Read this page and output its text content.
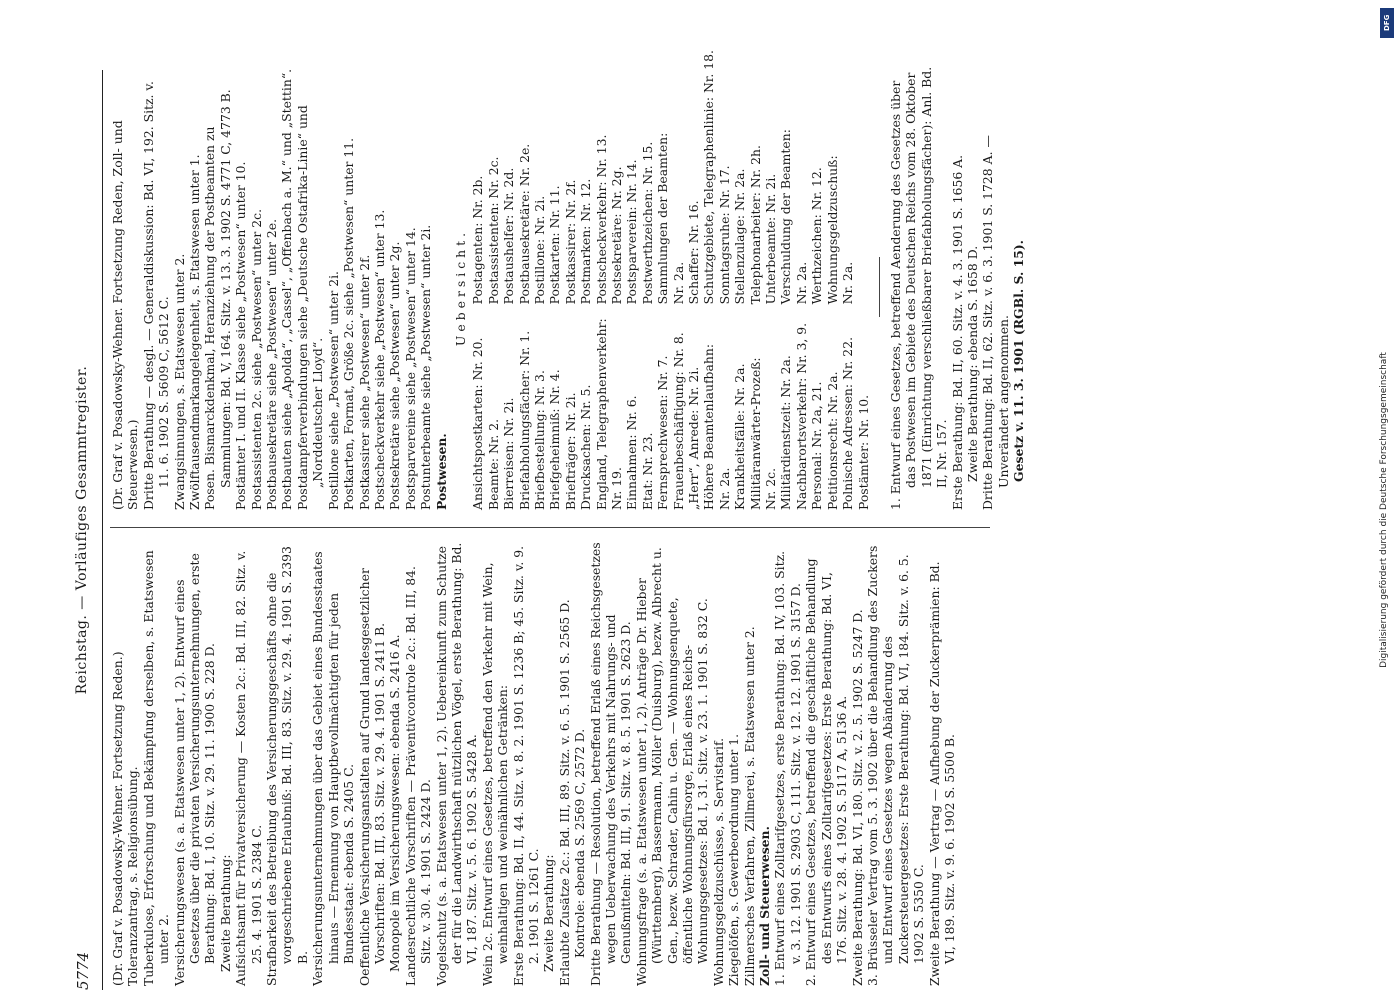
5774
Reichstag. — Vorläufiges Gesammtregister.

(Dr. Graf v. Posadowsky-Wehner. Fortsetzung Reden.) Toleranzantrag, s. Religionsübung. Tuberkulose, Erforschung und Bekämpfung derselben, s. Etatswesen unter 2. Versicherungswesen (s. a. Etatswesen unter 1, 2). Entwurf eines Gesetzes über die privaten Versicherungsunternehmungen, erste Berathung: Bd. I, 10. Sitz. v. 29. 11. 1900 S. 228 D. Zweite Berathung: Aufsichtsamt für Privatversicherung — Kosten 2c.: Bd. III, 82. Sitz. v. 25. 4. 1901 S. 2384 C. Strafbarkeit des Betreibung des Versicherungsgeschäfts ohne die vorgeschriebene Erlaubniß: Bd. III, 83. Sitz. v. 29. 4. 1901 S. 2393 B. Versicherungsunternehmungen über das Gebiet eines Bundesstaates hinaus — Ernennung von Hauptbevollmächtigten für jeden Bundesstaat: ebenda S. 2405 C. Oeffentliche Versicherungsanstalten auf Grund landesgesetzlicher Vorschriften: Bd. III, 83. Sitz. v. 29. 4. 1901 S. 2411 B. Monopole im Versicherungswesen: ebenda S. 2416 A. Landesrechtliche Vorschriften — Präventivcontrole 2c.: Bd. III, 84. Sitz. v. 30. 4. 1901 S. 2424 D. Vogelschutz (s. a. Etatswesen unter 1, 2). Uebereinkunft zum Schutze der für die Landwirthschaft nützlichen Vögel, erste Berathung: Bd. VI, 187. Sitz. v. 5. 6. 1902 S. 5428 A. Wein 2c. Entwurf eines Gesetzes, betreffend den Verkehr mit Wein, weinhaltigen und weinähnlichen Getränken: Erste Berathung: Bd. II, 44. Sitz. v. 8. 2. 1901 S. 1236 B; 45. Sitz. v. 9. 2. 1901 S. 1261 C. Zweite Berathung: Erlaubte Zusätze 2c.: Bd. III, 89. Sitz. v. 6. 5. 1901 S. 2565 D. Kontrole: ebenda S. 2569 C, 2572 D. Dritte Berathung — Resolution, betreffend Erlaß eines Reichsgesetzes wegen Ueberwachung des Verkehrs mit Nahrungs- und Genußmitteln: Bd. III, 91. Sitz. v. 8. 5. 1901 S. 2623 D. Wohnungsfrage (s. a. Etatswesen unter 1, 2). Anträge Dr. Hieber (Württemberg), Bassermann, Möller (Duisburg), bezw. Albrecht u. Gen., bezw. Schrader, Cahin u. Gen. — Wohnungsenquete, öffentliche Wohnungsfürsorge, Erlaß eines Reichs-Wohnungsgesetzes: Bd. I, 31. Sitz. v. 23. 1. 1901 S. 832 C. Wohnungsgeldzuschüsse, s. Servistarif. Ziegelöfen, s. Gewerbeordnung unter 1. Zillmersches Verfahren, Zillmerei, s. Etatswesen unter 2. Zoll- und Steuerwesen. 1. Entwurf eines Zolltarifgesetzes, erste Berathung: Bd. IV, 103. Sitz. v. 3. 12. 1901 S. 2903 C, 111. Sitz. v. 12. 12. 1901 S. 3157 D. 2. Entwurf eines Gesetzes, betreffend die geschäftliche Behandlung des Entwurfs eines Zolltarifgesetzes: Erste Berathung: Bd. VI, 176. Sitz. v. 28. 4. 1902 S. 5117 A, 5136 A. Zweite Berathung: Bd. VI, 180. Sitz. v. 2. 5. 1902 S. 5247 D. 3. Brüsseler Vertrag vom 5. 3. 1902 über die Behandlung des Zuckers und Entwurf eines Gesetzes wegen Abänderung des Zuckersteuergesetzes: Erste Berathung: Bd. VI, 184. Sitz. v. 6. 5. 1902 S. 5350 C. Zweite Berathung — Vertrag — Aufhebung der Zuckerprämien: Bd. VI, 189. Sitz. v. 9. 6. 1902 S. 5500 B.

(Dr. Graf v. Posadowsky-Wehner. Fortsetzung Reden, Zoll- und Steuerwesen.) Dritte Berathung — desgl. — Generaldiskussion: Bd. VI, 192. Sitz. v. 11. 6. 1902 S. 5609 C, 5612 C. Zwangsinnungen, s. Etatswesen unter 2. Zwölftausendmarkangelegenheit, s. Etatswesen unter 1. Posen. Bismarckdenkmal, Heranziehung der Postbeamten zu Sammlungen: Bd. V, 164. Sitz. v. 13. 3. 1902 S. 4771 C, 4773 B. Postämter I. und II. Klasse siehe „Postwesen“ unter 10. Postassistenten 2c. siehe „Postwesen“ unter 2c. Postbausekretäre siehe „Postwesen“ unter 2e. Postbauten siehe „Apolda“, „Cassel“, „Offenbach a. M.“ und „Stettin“. Postdampferverbindungen siehe „Deutsche Ostafrika-Linie“ und „Norddeutscher Lloyd“. Postillone siehe „Postwesen“ unter 2i. Postkarten, Format, Größe 2c. siehe „Postwesen“ unter 11. Postkassirer siehe „Postwesen“ unter 2f. Postscheckverkehr siehe „Postwesen“ unter 13. Postsekretäre siehe „Postwesen“ unter 2g. Postsparvereine siehe „Postwesen“ unter 14. Postunterbeamte siehe „Postwesen“ unter 2i. Postwesen.

Uebersicht.

Ansichtspostkarten: Nr. 20. Beamte: Nr. 2. Bierreisen: Nr. 2i. Briefabholungsfächer: Nr. 1. Briefbestellung: Nr. 3. Briefgeheimniß: Nr. 4. Briefträger: Nr. 2i. Drucksachen: Nr. 5. England, Telegraphenverkehr: Nr. 19. Einnahmen: Nr. 6. Etat: Nr. 23. Fernsprechwesen: Nr. 7. Frauenbeschäftigung: Nr. 8. „Herr“, Anrede: Nr. 2i. Höhere Beamtenlaufbahn: Nr. 2a. Krankheitsfälle: Nr. 2a. Militäranwärter-Prozeß: Nr. 2c. Militärdienstzeit: Nr. 2a. Nachbarortsverkehr: Nr. 3, 9. Personal: Nr. 2a, 21. Petitionsrecht: Nr. 2a. Polnische Adressen: Nr. 22. Postämter: Nr. 10.

Postagenten: Nr. 2b. Postassistenten: Nr. 2c. Postaushelfer: Nr. 2d. Postbausekretäre: Nr. 2e. Postillone: Nr. 2i. Postkarten: Nr. 11. Postkassirer: Nr. 2f. Postmarken: Nr. 12. Postscheckverkehr: Nr. 13. Postsekretäre: Nr. 2g. Postsparverein: Nr. 14. Postwerthzeichen: Nr. 15. Sammlungen der Beamten: Nr. 2a. Schaffer: Nr. 16. Schutzgebiete, Telegraphenlinie: Nr. 18. Sonntagsruhe: Nr. 17. Stellenzulage: Nr. 2a. Telephonarbeiter: Nr. 2h. Unterbeamte: Nr. 2i. Verschuldung der Beamten: Nr. 2a. Werthzeichen: Nr. 12. Wohnungsgeldzuschuß: Nr. 2a.	1. Entwurf eines Gesetzes, betreffend Aenderung des Gesetzes über das Postwesen im Gebiete des Deutschen Reichs vom 28. Oktober 1871 (Einrichtung verschließbarer Briefabholungsfächer): Anl. Bd. II, Nr. 157. Erste Berathung: Bd. II, 60. Sitz. v. 4. 3. 1901 S. 1656 A. Zweite Berathung: ebenda S. 1658 D. Dritte Berathung: Bd. II, 62. Sitz. v. 6. 3. 1901 S. 1728 A. — Unverändert angenommen. Gesetz v. 11. 3. 1901 (RGBl. S. 15).

DFG
Digitalisierung gefördert durch die Deutsche Forschungsgemeinschaft
